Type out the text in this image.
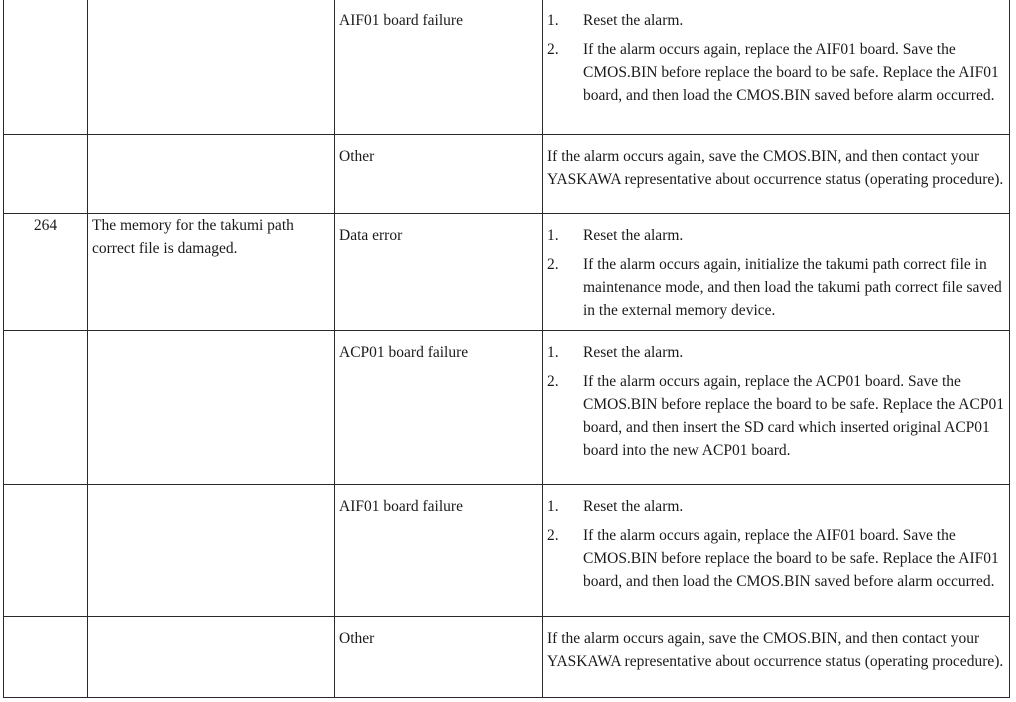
		AIF01 board failure	1. Reset the alarm.
2. If the alarm occurs again, replace the AIF01 board. Save the CMOS.BIN before replace the board to be safe. Replace the AIF01 board, and then load the CMOS.BIN saved before alarm occurred.

		Other	If the alarm occurs again, save the CMOS.BIN, and then contact your YASKAWA representative about occurrence status (operating procedure).
264	The memory for the takumi path correct file is damaged.	Data error	1. Reset the alarm.
2. If the alarm occurs again, initialize the takumi path correct file in maintenance mode, and then load the takumi path correct file saved in the external memory device.

		ACP01 board failure	1. Reset the alarm.
2. If the alarm occurs again, replace the ACP01 board. Save the CMOS.BIN before replace the board to be safe. Replace the ACP01 board, and then insert the SD card which inserted original ACP01 board into the new ACP01 board.

		AIF01 board failure	1. Reset the alarm.
2. If the alarm occurs again, replace the AIF01 board. Save the CMOS.BIN before replace the board to be safe. Replace the AIF01 board, and then load the CMOS.BIN saved before alarm occurred.

		Other	If the alarm occurs again, save the CMOS.BIN, and then contact your YASKAWA representative about occurrence status (operating procedure).
